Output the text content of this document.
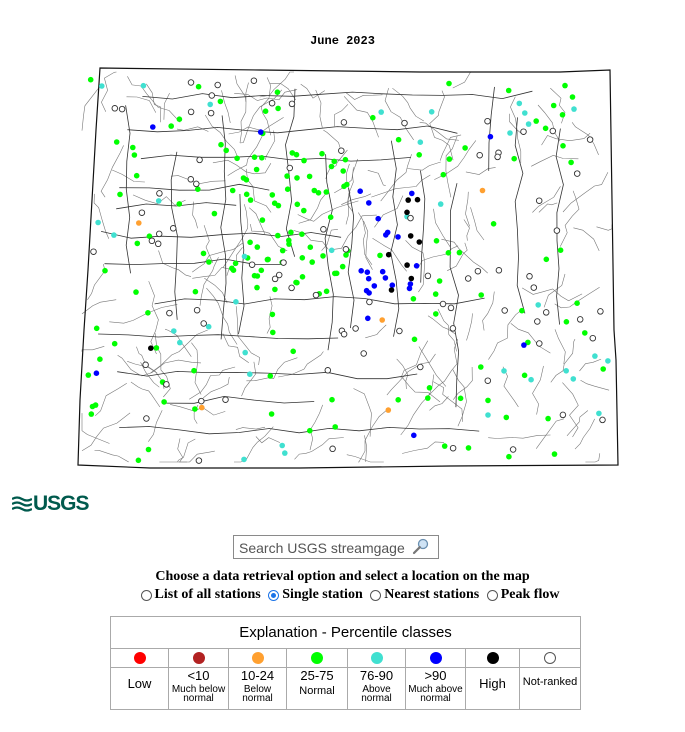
June 2023
USGS
Search USGS streamgage
Choose a data retrieval option and select a location on the map
List of all stations
Single station
Nearest stations
Peak flow
Explanation - Percentile classes
Low
<10
Much below normal
10-24
Below normal
25-75
Normal
76-90
Above normal
>90
Much above normal
High	Not-ranked
